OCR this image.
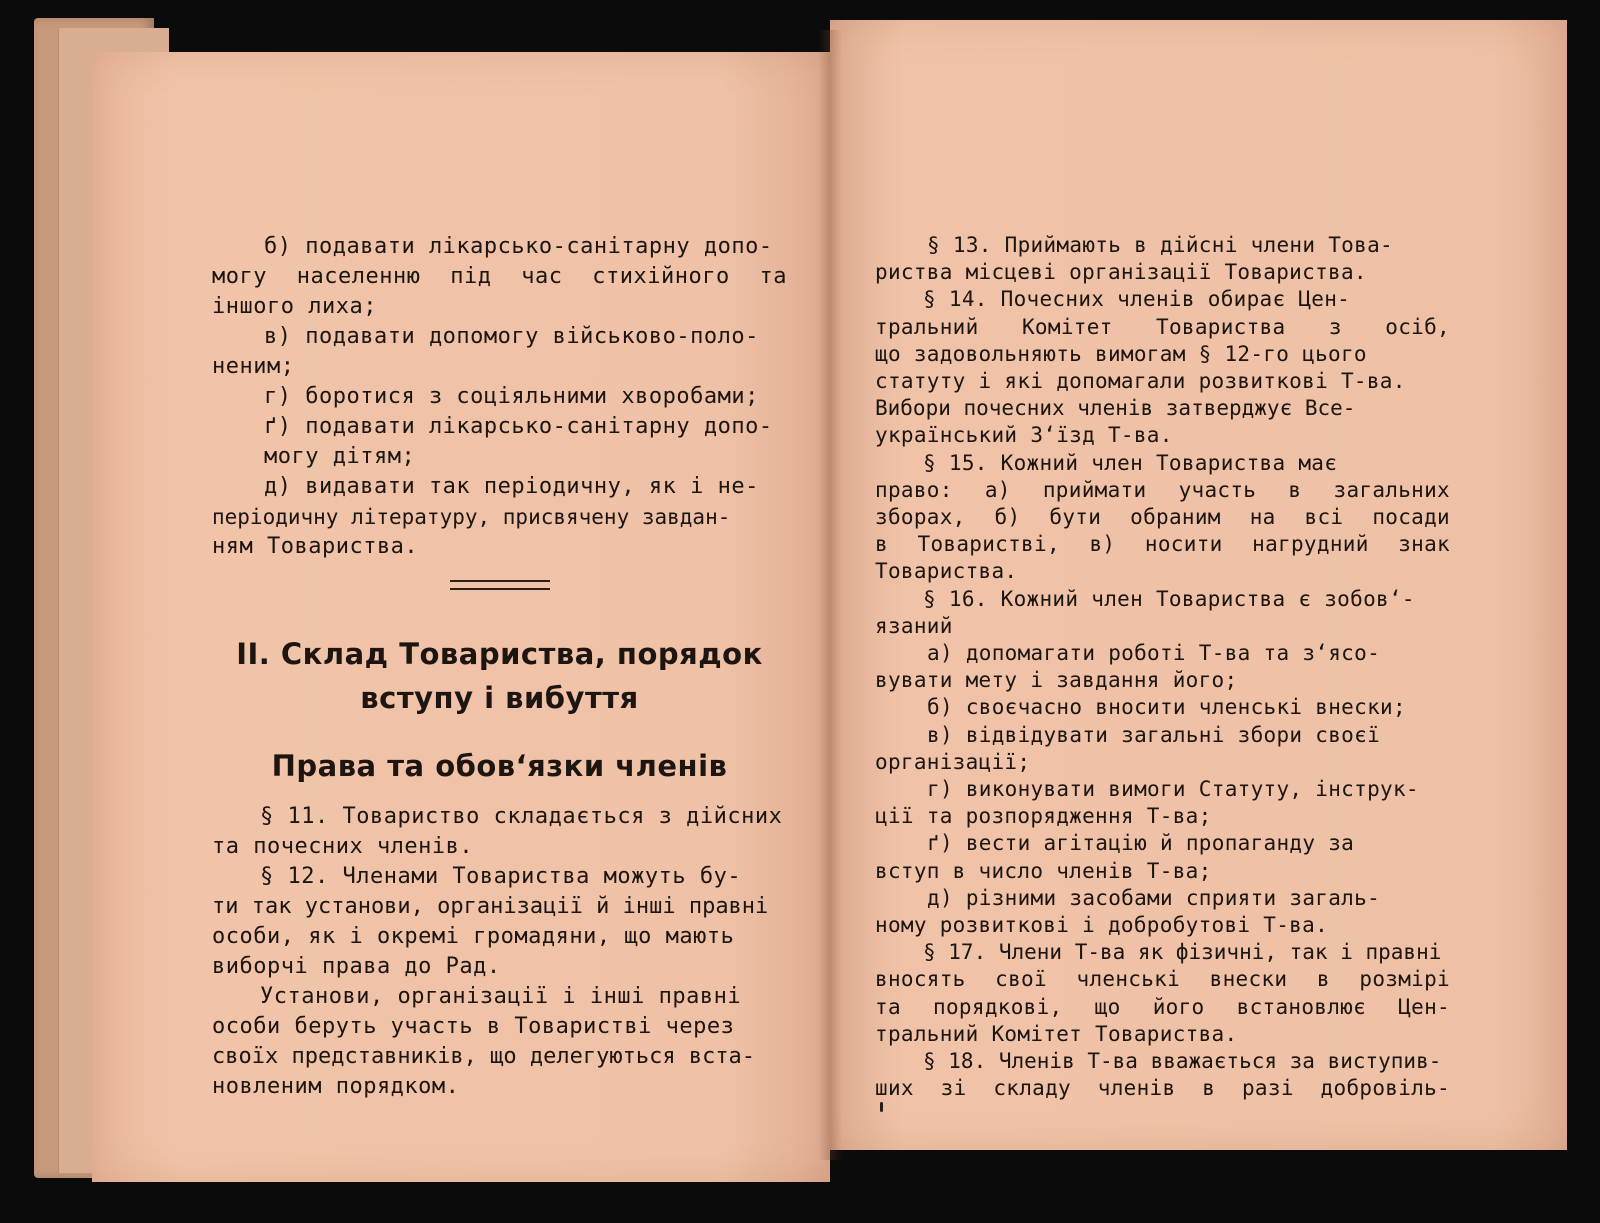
б) подавати лікарсько-санітарну допо-
могу населенню під час стихійного та
іншого лиха;
в) подавати допомогу військово-поло-
неним;
г) боротися з соціяльними хворобами;
ґ) подавати лікарсько-санітарну допо-
могу дітям;
д) видавати так періодичну, як і не-
періодичну літературу, присвячену завдан-
ням Товариства.
II. Склад Товариства, порядок вступу і вибуття
Права та обов‘язки членів
§ 11. Товариство складається з дійсних
та почесних членів.
§ 12. Членами Товариства можуть бу-
ти так установи, організації й інші правні
особи, як і окремі громадяни, що мають
виборчі права до Рад.
Установи, організації і інші правні
особи беруть участь в Товаристві через
своїх представників, що делегуються вста-
новленим порядком.
§ 13. Приймають в дійсні члени Това-
риства місцеві організації Товариства.
§ 14. Почесних членів обирає Цен-
тральний Комітет Товариства з осіб,
що задовольняють вимогам § 12-го цього
статуту і які допомагали розвиткові Т-ва.
Вибори почесних членів затверджує Все-
український З‘їзд Т-ва.
§ 15. Кожний член Товариства має
право: а) приймати участь в загальних
зборах, б) бути обраним на всі посади
в Товаристві, в) носити нагрудний знак
Товариства.
§ 16. Кожний член Товариства є зобов‘-
язаний
а) допомагати роботі Т-ва та з‘ясо-
вувати мету і завдання його;
б) своєчасно вносити членські внески;
в) відвідувати загальні збори своєї
організації;
г) виконувати вимоги Статуту, інструк-
ції та розпорядження Т-ва;
ґ) вести агітацію й пропаганду за
вступ в число членів Т-ва;
д) різними засобами сприяти загаль-
ному розвиткові і добробутові Т-ва.
§ 17. Члени Т-ва як фізичні, так і правні
вносять свої членські внески в розмірі
та порядкові, що його встановлює Цен-
тральний Комітет Товариства.
§ 18. Членів Т-ва вважається за виступив-
ших зі складу членів в разі добровіль-
